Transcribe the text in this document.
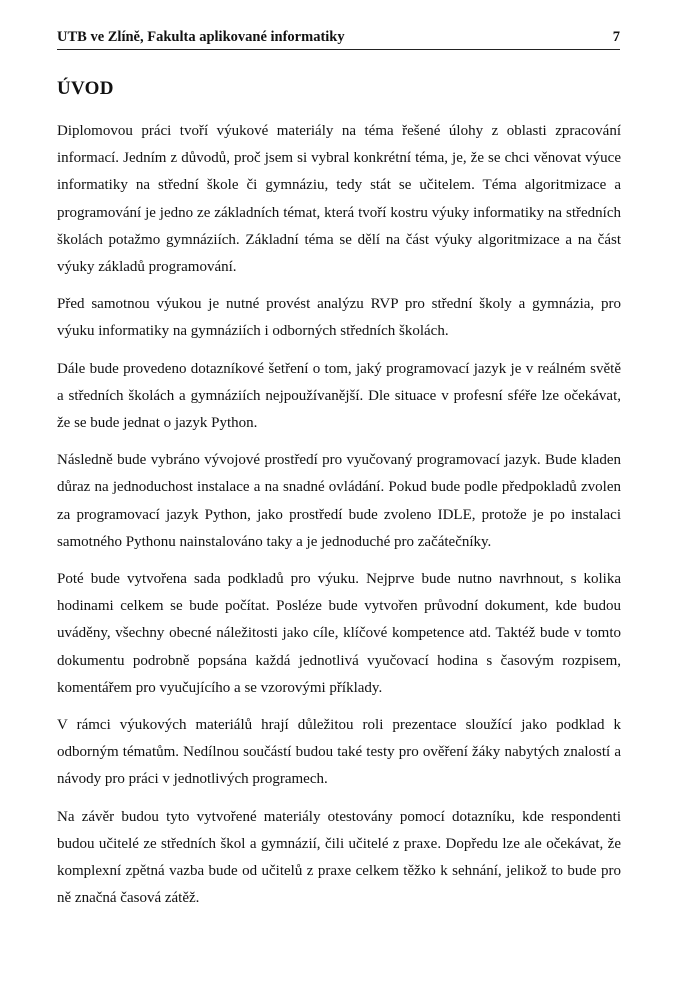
UTB ve Zlíně, Fakulta aplikované informatiky	7
ÚVOD

Diplomovou práci tvoří výukové materiály na téma řešené úlohy z oblasti zpracování informací. Jedním z důvodů, proč jsem si vybral konkrétní téma, je, že se chci věnovat výuce informatiky na střední škole či gymnáziu, tedy stát se učitelem. Téma algoritmizace a programování je jedno ze základních témat, která tvoří kostru výuky informatiky na středních školách potažmo gymnáziích. Základní téma se dělí na část výuky algoritmizace a na část výuky základů programování.

Před samotnou výukou je nutné provést analýzu RVP pro střední školy a gymnázia, pro výuku informatiky na gymnáziích i odborných středních školách.

Dále bude provedeno dotazníkové šetření o tom, jaký programovací jazyk je v reálném světě a středních školách a gymnáziích nejpoužívanější. Dle situace v profesní sféře lze očekávat, že se bude jednat o jazyk Python.

Následně bude vybráno vývojové prostředí pro vyučovaný programovací jazyk. Bude kladen důraz na jednoduchost instalace a na snadné ovládání. Pokud bude podle předpokladů zvolen za programovací jazyk Python, jako prostředí bude zvoleno IDLE, protože je po instalaci samotného Pythonu nainstalováno taky a je jednoduché pro začátečníky.

Poté bude vytvořena sada podkladů pro výuku. Nejprve bude nutno navrhnout, s kolika hodinami celkem se bude počítat. Posléze bude vytvořen průvodní dokument, kde budou uváděny, všechny obecné náležitosti jako cíle, klíčové kompetence atd. Taktéž bude v tomto dokumentu podrobně popsána každá jednotlivá vyučovací hodina s časovým rozpisem, komentářem pro vyučujícího a se vzorovými příklady.

V rámci výukových materiálů hrají důležitou roli prezentace sloužící jako podklad k odborným tématům. Nedílnou součástí budou také testy pro ověření žáky nabytých znalostí a návody pro práci v jednotlivých programech.

Na závěr budou tyto vytvořené materiály otestovány pomocí dotazníku, kde respondenti budou učitelé ze středních škol a gymnázií, čili učitelé z praxe. Dopředu lze ale očekávat, že komplexní zpětná vazba bude od učitelů z praxe celkem těžko k sehnání, jelikož to bude pro ně značná časová zátěž.
